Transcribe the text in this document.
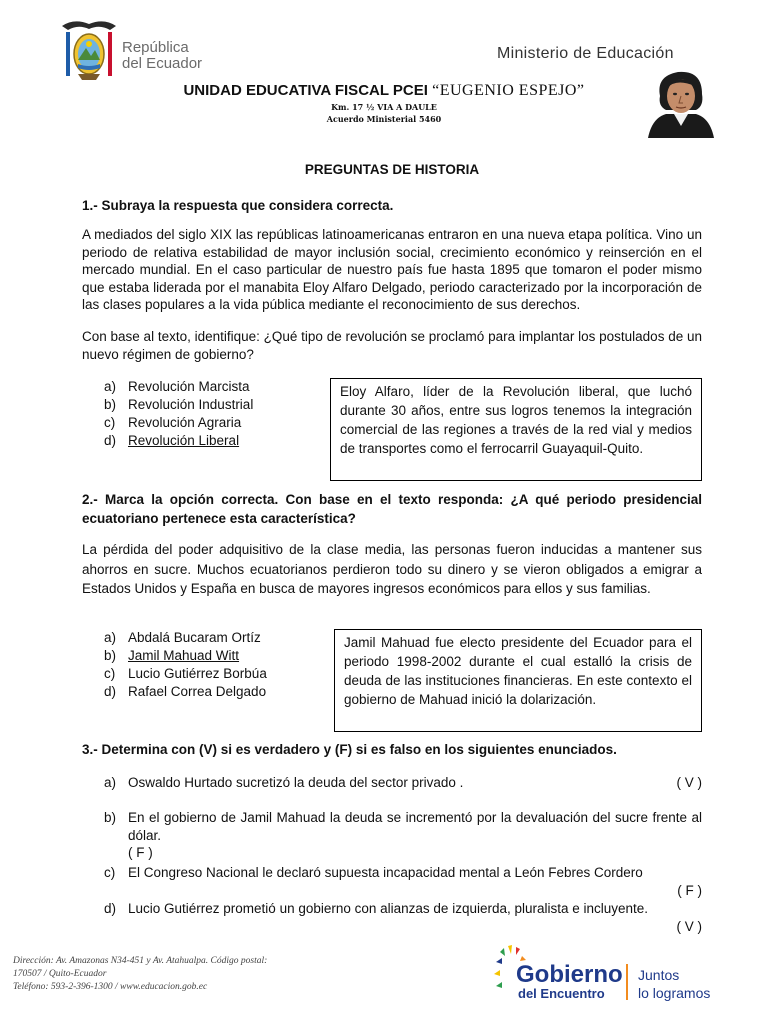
República
del Ecuador
Ministerio de Educación
UNIDAD EDUCATIVA FISCAL PCEI “EUGENIO ESPEJO”
Km. 17 ½ VIA A DAULE
Acuerdo Ministerial 5460
PREGUNTAS DE HISTORIA
1.- Subraya la respuesta que considera correcta.
A mediados del siglo XIX las repúblicas latinoamericanas entraron en una nueva etapa política. Vino un periodo de relativa estabilidad de mayor inclusión social, crecimiento económico y reinserción en el mercado mundial. En el caso particular de nuestro país fue hasta 1895 que tomaron el poder mismo que estaba liderada por el manabita Eloy Alfaro Delgado, periodo caracterizado por la incorporación de las clases populares a la vida pública mediante el reconocimiento de sus derechos.
Con base al texto, identifique: ¿Qué tipo de revolución se proclamó para implantar los postulados de un nuevo régimen de gobierno?
a) Revolución Marcista
b) Revolución Industrial
c) Revolución Agraria
d) Revolución Liberal
Eloy Alfaro, líder de la Revolución liberal, que luchó durante 30 años, entre sus logros tenemos la integración comercial de las regiones a través de la red vial y medios de transportes como el ferrocarril Guayaquil-Quito.
2.- Marca la opción correcta. Con base en el texto responda: ¿A qué periodo presidencial ecuatoriano pertenece esta característica?
La pérdida del poder adquisitivo de la clase media, las personas fueron inducidas a mantener sus ahorros en sucre. Muchos ecuatorianos perdieron todo su dinero y se vieron obligados a emigrar a Estados Unidos y España en busca de mayores ingresos económicos para ellos y sus familias.
a) Abdalá Bucaram Ortíz
b) Jamil Mahuad Witt
c) Lucio Gutiérrez Borbúa
d) Rafael Correa Delgado
Jamil Mahuad fue electo presidente del Ecuador para el periodo 1998-2002 durante el cual estalló la crisis de deuda de las instituciones financieras. En este contexto el gobierno de Mahuad inició la dolarización.
3.- Determina con (V) si es verdadero y (F) si es falso en los siguientes enunciados.
a) Oswaldo Hurtado sucretizó la deuda del sector privado .	( V )
b) En el gobierno de Jamil Mahuad la deuda se incrementó por la devaluación del sucre frente al dólar.
( F )
c) El Congreso Nacional le declaró supuesta incapacidad mental a León Febres Cordero
( F )
d) Lucio Gutiérrez prometió un gobierno con alianzas de izquierda, pluralista e incluyente.
( V )
Dirección: Av. Amazonas N34-451 y Av. Atahualpa. Código postal: 170507 / Quito-Ecuador
Teléfono: 593-2-396-1300 / www.educacion.gob.ec	Gobierno
del Encuentro
Juntos
lo logramos
